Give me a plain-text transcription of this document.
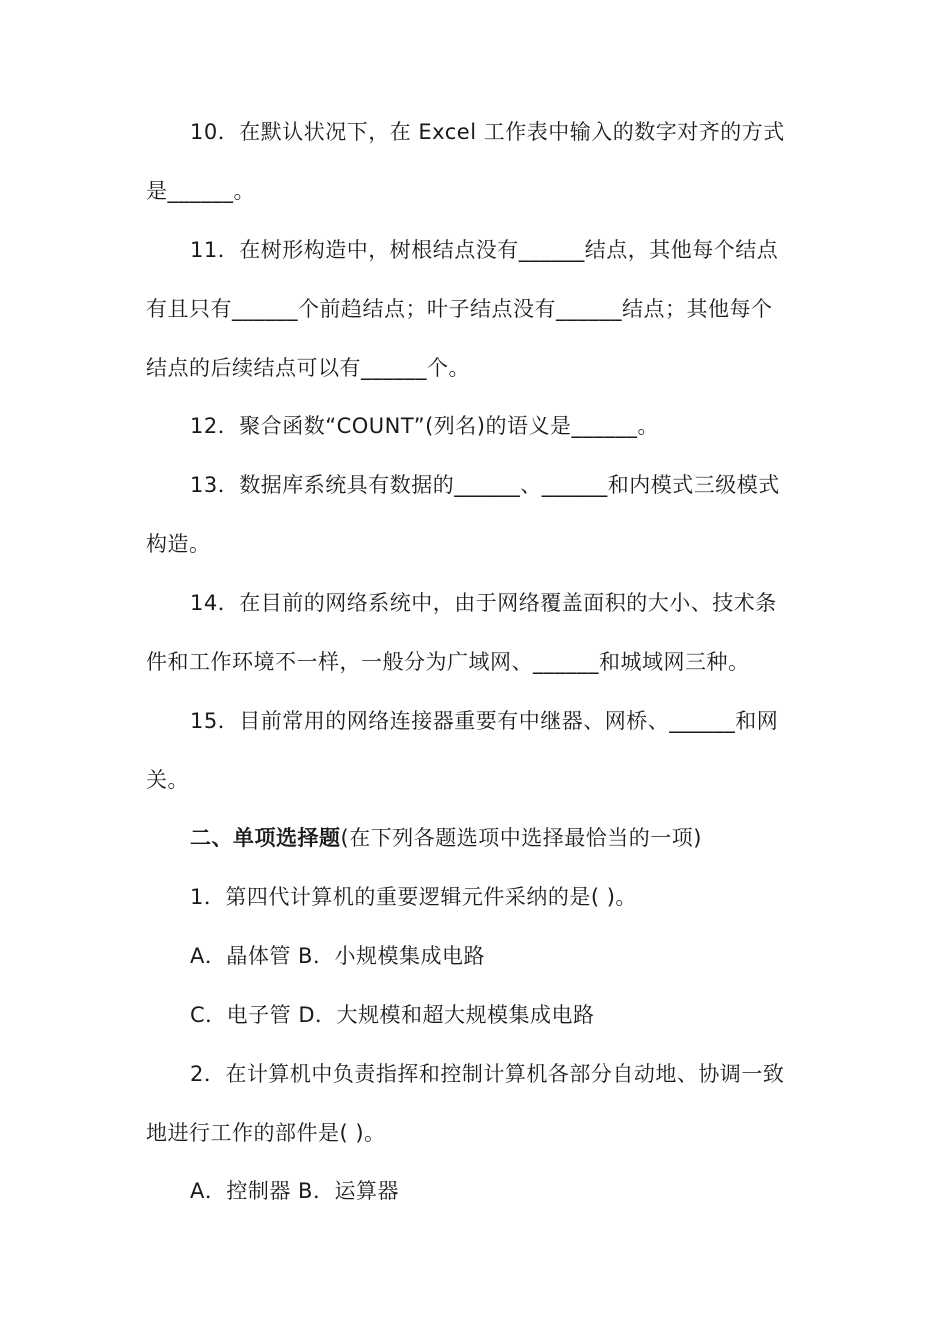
10．在默认状况下，在 Excel 工作表中输入的数字对齐的方式
是______。
11．在树形构造中，树根结点没有______结点，其他每个结点
有且只有______个前趋结点；叶子结点没有______结点；其他每个
结点的后续结点可以有______个。
12．聚合函数“COUNT”(列名)的语义是______。
13．数据库系统具有数据的______、______和内模式三级模式
构造。
14．在目前的网络系统中，由于网络覆盖面积的大小、技术条
件和工作环境不一样，一般分为广域网、______和城域网三种。
15．目前常用的网络连接器重要有中继器、网桥、______和网
关。
二、单项选择题(在下列各题选项中选择最恰当的一项)
1．第四代计算机的重要逻辑元件采纳的是( )。
A．晶体管 B．小规模集成电路
C．电子管 D．大规模和超大规模集成电路
2．在计算机中负责指挥和控制计算机各部分自动地、协调一致
地进行工作的部件是( )。
A．控制器 B．运算器
